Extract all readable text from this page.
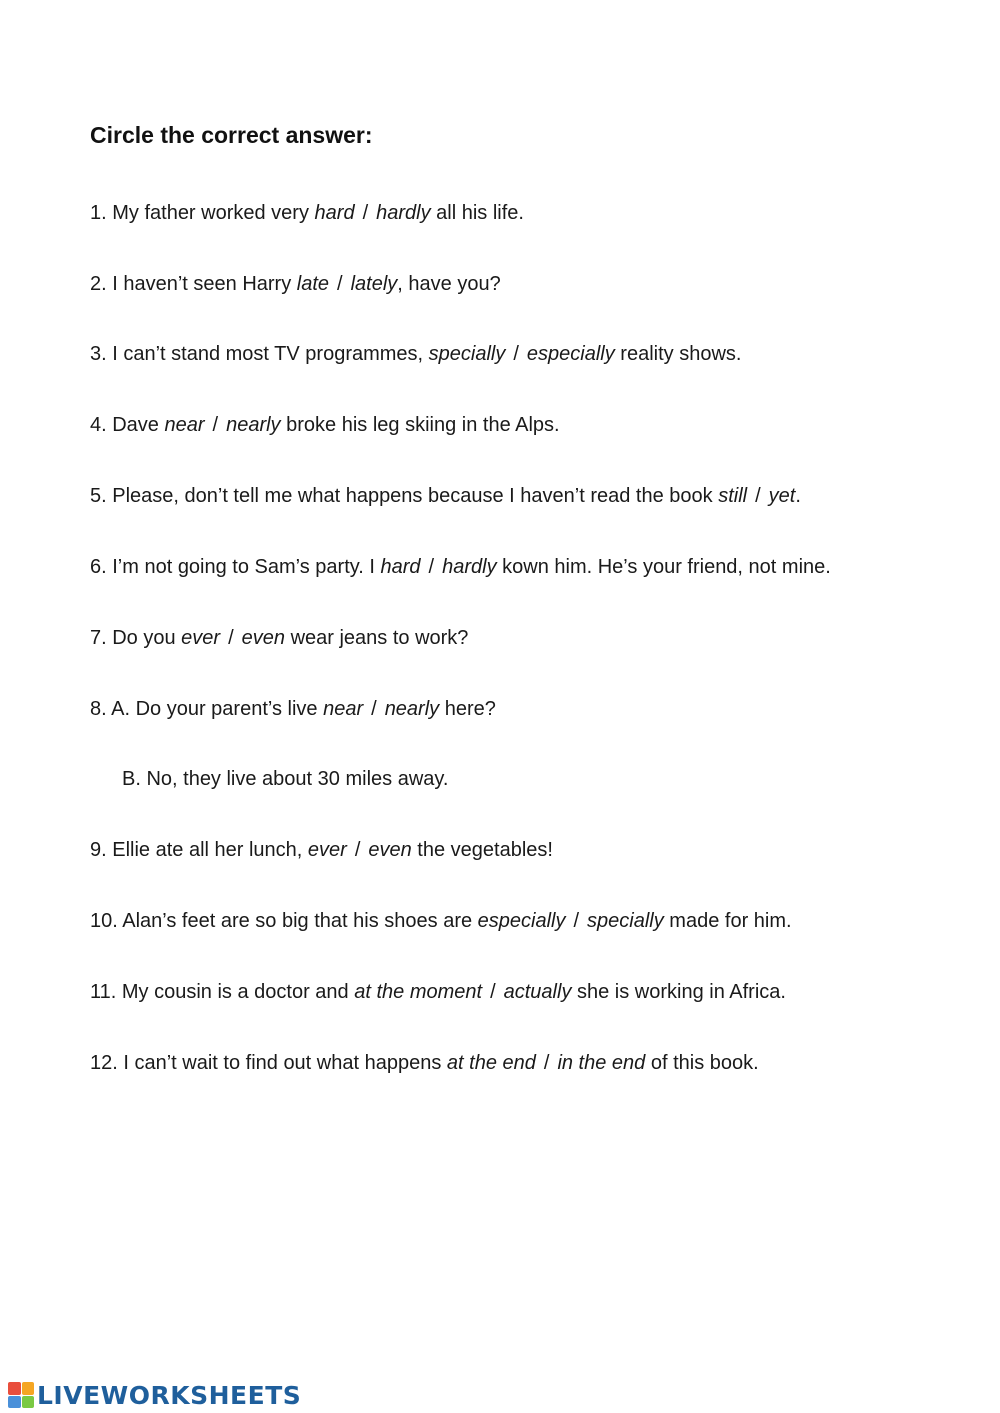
Circle the correct answer:
1. My father worked very hard / hardly all his life.
2. I haven’t seen Harry late / lately, have you?
3. I can’t stand most TV programmes, specially / especially reality shows.
4. Dave near / nearly broke his leg skiing in the Alps.
5. Please, don’t tell me what happens because I haven’t read the book still / yet.
6. I’m not going to Sam’s party. I hard / hardly kown him. He’s your friend, not mine.
7. Do you ever / even wear jeans to work?
8. A. Do your parent’s live near / nearly here?
B. No, they live about 30 miles away.
9. Ellie ate all her lunch, ever / even the vegetables!
10. Alan’s feet are so big that his shoes are especially / specially made for him.
11. My cousin is a doctor and at the moment / actually she is working in Africa.
12. I can’t wait to find out what happens at the end / in the end of this book.
LIVEWORKSHEETS
